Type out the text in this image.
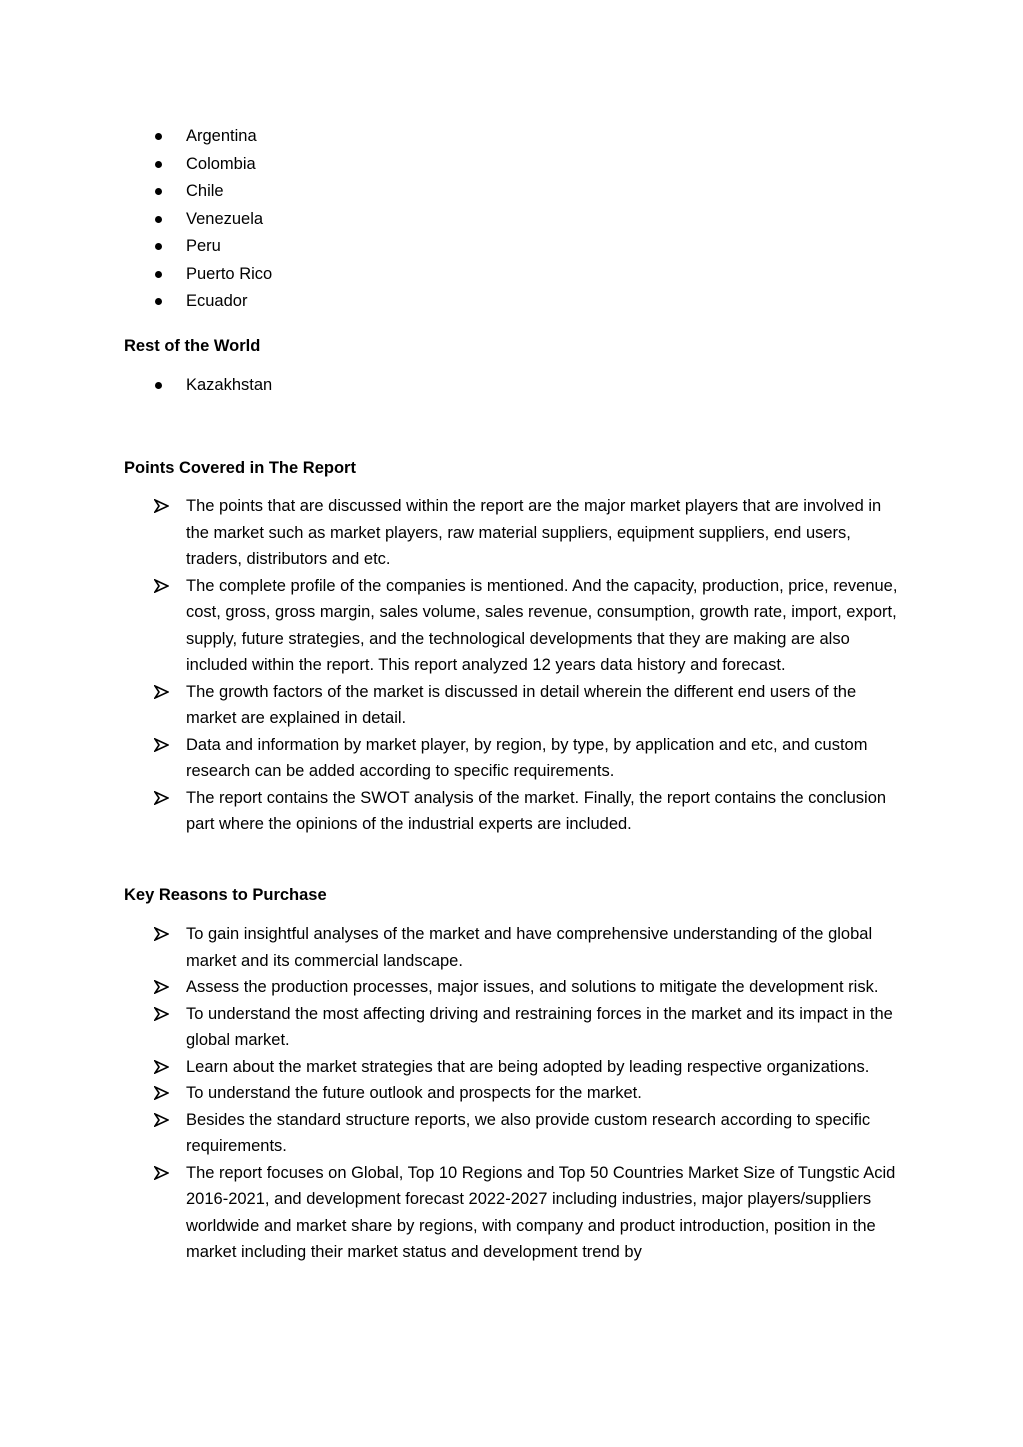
Argentina
Colombia
Chile
Venezuela
Peru
Puerto Rico
Ecuador
Rest of the World
Kazakhstan
Points Covered in The Report
The points that are discussed within the report are the major market players that are involved in the market such as market players, raw material suppliers, equipment suppliers, end users, traders, distributors and etc.
The complete profile of the companies is mentioned. And the capacity, production, price, revenue, cost, gross, gross margin, sales volume, sales revenue, consumption, growth rate, import, export, supply, future strategies, and the technological developments that they are making are also included within the report. This report analyzed 12 years data history and forecast.
The growth factors of the market is discussed in detail wherein the different end users of the market are explained in detail.
Data and information by market player, by region, by type, by application and etc, and custom research can be added according to specific requirements.
The report contains the SWOT analysis of the market. Finally, the report contains the conclusion part where the opinions of the industrial experts are included.
Key Reasons to Purchase
To gain insightful analyses of the market and have comprehensive understanding of the global market and its commercial landscape.
Assess the production processes, major issues, and solutions to mitigate the development risk.
To understand the most affecting driving and restraining forces in the market and its impact in the global market.
Learn about the market strategies that are being adopted by leading respective organizations.
To understand the future outlook and prospects for the market.
Besides the standard structure reports, we also provide custom research according to specific requirements.
The report focuses on Global, Top 10 Regions and Top 50 Countries Market Size of Tungstic Acid 2016-2021, and development forecast 2022-2027 including industries, major players/suppliers worldwide and market share by regions, with company and product introduction, position in the market including their market status and development trend by
